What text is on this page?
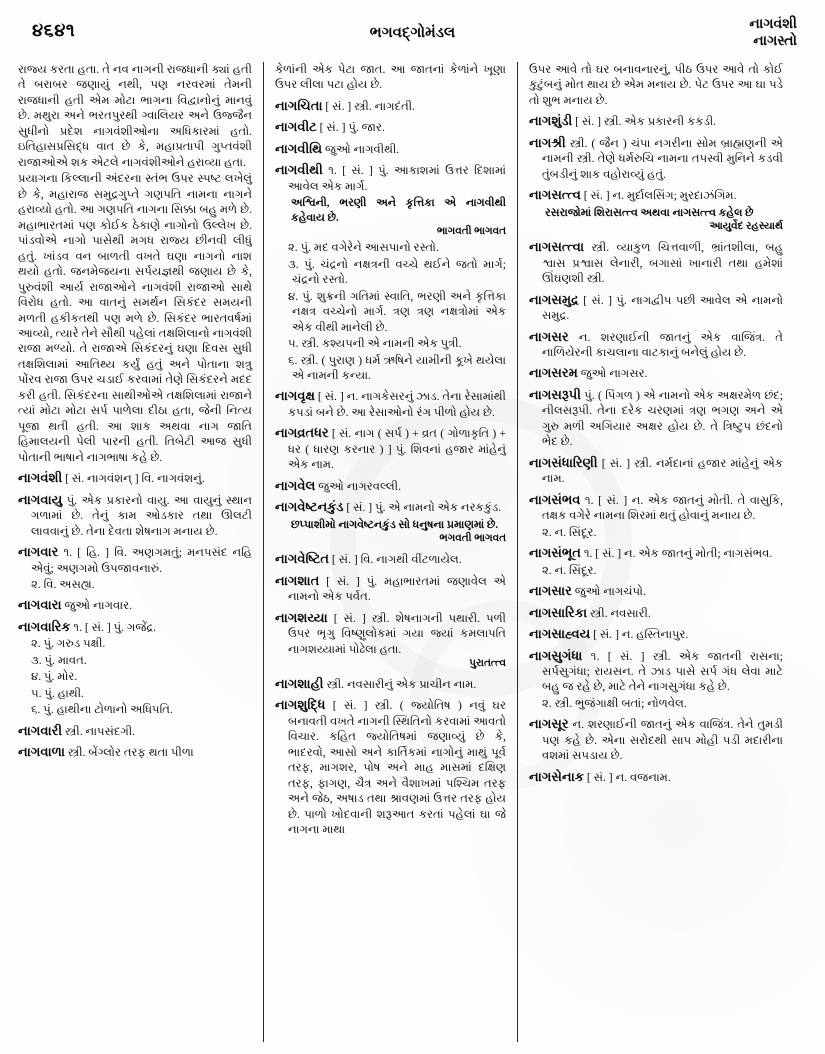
૪૬૪૧	ભગવદ્ગોમંડલ
નાગવંશી
નાગસ્તો

રાજ્ય કરતા હતા. તે નવ નાગની રાજધાની ક્યાં હતી તે બરાબર જણાયું નથી, પણ નરવરમાં તેમની રાજધાની હતી એમ મોટા ભાગના વિદ્વાનોનું માનવું છે. મથુરા અને ભરતપુરથી ગ્વાલિયર અને ઉજ્જૈન સુધીનો પ્રદેશ નાગવંશીઓના અધિકારમાં હતો. ઇતિહાસપ્રસિદ્ધ વાત છે કે, મહાપ્રતાપી ગુપ્તવંશી રાજાઓએ શક એટલે નાગવંશીઓને હરાવ્યા હતા.

પ્રયાગના કિલ્લાની અંદરના સ્તંભ ઉપર સ્પષ્ટ લખેલું છે કે, મહારાજ સમુદ્રગુપ્તે ગણપતિ નામના નાગને હરાવ્યો હતો. આ ગણપતિ નાગના સિક્કા બહુ મળે છે. મહાભારતમાં પણ કોઈક ઠેકાણે નાગોનો ઉલ્લેખ છે. પાંડવોએ નાગો પાસેથી મગધ રાજ્ય છીનવી લીધું હતું. ખાંડવ વન બાળતી વખતે ઘણા નાગનો નાશ થયો હતો. જનમેજયના સર્પયજ્ઞથી જણાય છે કે, પુરુવંશી આર્ય રાજાઓને નાગવંશી રાજાઓ સાથે વિરોધ હતો. આ વાતનું સમર્થન સિકંદર સમયની મળતી હકીકતથી પણ મળે છે. સિકંદર ભારતવર્ષમાં આવ્યો, ત્યારે તેને સૌથી પહેલાં તક્ષશિલાનો નાગવંશી રાજા મળ્યો. તે રાજાએ સિકંદરનું ઘણા દિવસ સુધી તક્ષશિલામાં આતિથ્ય કર્યું હતું અને પોતાના શત્રુ પોંરવ રાજા ઉપર ચડાઈ કરવામાં તેણે સિકંદરને મદદ કરી હતી. સિકંદરના સાથીઓએ તક્ષશિલામાં રાજાને ત્યાં મોટા મોટા સર્પ પાળેલા દીઠા હતા, જેની નિત્ય પૂજા થતી હતી. આ શાક અથવા નાગ જાતિ હિમાલયની પેલી પારની હતી. તિબેટી આજ સુધી પોતાની ભાષાને નાગભાષા કહે છે.

નાગવંશી [ સં. નાગવંશન્ ] વિ. નાગવંશનું.
નાગવાયુ પું. એક પ્રકારનો વાયુ. આ વાયુનું સ્થાન ગળામાં છે. તેનું કામ ઓડકાર તથા ઊલટી લાવવાનું છે. તેના દેવતા શેષનાગ મનાય છે.
નાગવાર ૧. [ હિ. ] વિ. અણગમતું; મનપસંદ નહિ એવું; અણગમો ઉપજાવનારું.
૨. વિ. અસહ્ય.
નાગવારા જુઓ નાગવાર.
નાગવારિક ૧. [ સં. ] પું. ગજેંદ્ર.
૨. પું. ગરુડ પક્ષી.
૩. પું. માવત.
૪. પું. મોર.
૫. પું. હાથી.
૬. પું. હાથીના ટોળાનો અધિપતિ.
નાગવારી સ્ત્રી. નાપસંદગી.
નાગવાળા સ્ત્રી. બેંગ્લોર તરફ થતા પીળા

કેળાંની એક પેટા જાત. આ જાતનાં કેળાંને ખૂણા ઉપર લીલા પટા હોય છે.

નાગચિતા [ સં. ] સ્ત્રી. નાગદંતી.
નાગવીટ [ સં. ] પું. જાર.
નાગવીથિ જુઓ નાગવીથી.
નાગવીથી ૧. [ સં. ] પું. આકાશમાં ઉત્તર દિશામાં આવેલ એક માર્ગ.
અશ્વિની, ભરણી અને કૃત્તિકા એ નાગવીથી કહેવાય છે.
ભાગવતી ભાગવત
૨. પું. મદ વગેરેને આસપાનો રસ્તો.
૩. પું. ચંદ્રનો નક્ષત્રની વચ્ચે થઈને જતો માર્ગ; ચંદ્રનો રસ્તો.
૪. પું. શુક્રની ગતિમાં સ્વાતિ, ભરણી અને કૃત્તિકા નક્ષત્ર વચ્ચેનો માર્ગ. ત્રણ ત્રણ નક્ષત્રોમાં એક એક વીથી માનેલી છે.
૫. સ્ત્રી. કશ્યપની એ નામની એક પુત્રી.
૬. સ્ત્રી. ( પુરાણ ) ધર્મ ઋષિને યામીની કૂખે થયેલા એ નામની કન્યા.
નાગવૃક્ષ [ સં. ] ન. નાગકેસરનું ઝાડ. તેના રેસામાંથી કપડાં બને છે. આ રેસાઓનો રંગ પીળો હોય છે.
નાગવ્રતધર [ સં. નાગ ( સર્પ ) + વ્રત ( ગોળાકૃતિ ) + ધર ( ધારણ કરનાર ) ] પું. શિવનાં હજાર માંહેનું એક નામ.
નાગવેલ જુઓ નાગરવલ્લી.
નાગવેષ્ટનકુંડ [ સં. ] પું. એ નામનો એક નરકકુંડ.
છપ્પાશીમો નાગવેષ્ટનકુંડ સો ધનુષના પ્રમાણમાં છે.
ભગવતી ભાગવત
નાગવેષ્ટિત [ સં. ] વિ. નાગથી વીંટળાયેલ.
નાગશાત [ સં. ] પું. મહાભારતમાં જણાવેલ એ નામનો એક પર્વત.
નાગશય્યા [ સં. ] સ્ત્રી. શેષનાગની પથારી. પળી ઉપર ભૃગુ વિષ્ણુલોકમાં ગયા જ્યાં કમલાપતિ નાગશય્યામાં પોઢેલા હતા.
પુરાતત્ત્વ
નાગશાહી સ્ત્રી. નવસારીનું એક પ્રાચીન નામ.
નાગશુદ્ધિ [ સં. ] સ્ત્રી. ( જ્યોતિષ ) નવું ઘર બનાવતી વખતે નાગની સ્થિતિનો કરવામાં આવતો વિચાર. કહિત જ્યોતિષમાં જણાવ્યું છે કે, ભાદરવો, આસો અને કાર્તિકમાં નાગોનું માથું પૂર્વ તરફ, માગશર, પોષ અને માહ માસમાં દક્ષિણ તરફ, ફાગણ, ચૈત્ર અને વૈશાખમાં પશ્ચિમ તરફ અને જેઠ, અષાડ તથા શ્રાવણમાં ઉત્તર તરફ હોય છે. પાળો ખોદવાની શરૂઆત કરતાં પહેલાં ઘા જે નાગના માથા

ઉપર આવે તો ઘર બનાવનારનું, પીઠ ઉપર આવે તો કોઈ કુટુંબનું મોત થાય છે એમ મનાય છે. પેટ ઉપર આ ઘા પડે તો શુભ મનાય છે.

નાગશુંડી [ સં. ] સ્ત્રી. એક પ્રકારની કકડી.
નાગશ્રી સ્ત્રી. ( જૈન ) ચંપા નગરીના સોમ બ્રાહ્મણની એ નામની સ્ત્રી. તેણે ધર્મરુચિ નામના તપસ્વી મુનિને કડવી તુંબડીનું શાક વહોરાવ્યું હતું.
નાગસત્ત્વ [ સં. ] ન. મુર્દાલસિંગ; મુરદાઝંગિમ.
રસરાજોમાં શિરાસત્ત્વ અથવા નાગસત્ત્વ કહેલ છે
આયુર્વેદ રહસ્યાર્થ
નાગસત્ત્વા સ્ત્રી. વ્યાકુળ ચિત્તવાળી, ભ્રાંતશીલા, બહુ શ્વાસ પ્રશ્વાસ લેનારી, બગાસાં ખાનારી તથા હમેશાં ઊંઘણશી સ્ત્રી.
નાગસમુદ્ર [ સં. ] પું. નાગદ્વીપ પછી આવેલ એ નામનો સમુદ્ર.
નાગસર ન. શરણાઈની જાતનું એક વાજિંત્ર. તે નાળિયેરની કાચલાના વાટકાનું બનેલું હોય છે.
નાગસરમ જુઓ નાગસર.
નાગસરૂપી પું. ( પિંગળ ) એ નામનો એક અક્ષરમેળ છંદ; નીલસરૂપી. તેના દરેક ચરણમાં ત્રણ ભગણ અને એ ગુરુ મળી અગિયાર અક્ષર હોય છે. તે ત્રિષ્ટુપ છંદનો ભેદ છે.
નાગસંધારિણી [ સં. ] સ્ત્રી. નર્મદાનાં હજાર માંહેનું એક નામ.
નાગસંભવ ૧. [ સં. ] ન. એક જાતનું મોતી. તે વાસુકિ, તક્ષક વગેરે નામના શિરમાં થતું હોવાનું મનાય છે.
૨. ન. સિંદૂર.
નાગસંભૂત ૧. [ સં. ] ન. એક જાતનું મોતી; નાગસંભવ.
૨. ન. સિંદૂર.
નાગસાર જુઓ નાગચંપો.
નાગસારિકા સ્ત્રી. નવસારી.
નાગસાહ્વય [ સં. ] ન. હસ્તિનાપુર.
નાગસુગંધા ૧. [ સં. ] સ્ત્રી. એક જાતની રાસના; સર્પસુગંધા; રાયસન. તે ઝાડ પાસે સર્પ ગંધ લેવા માટે બહુ જ રહે છે, માટે તેને નાગસુગંધા કહે છે.
૨. સ્ત્રી. ભુજંગાક્ષી બતાં; નોળવેલ.
નાગસૂર ન. શરણાઈની જાતનું એક વાજિંત્ર. તેને તુમડી પણ કહે છે. એના સરોદથી સાપ મોહી પડી મદારીના વશમાં સપડાય છે.
નાગસેનાક [ સં. ] ન. વજનામ.
